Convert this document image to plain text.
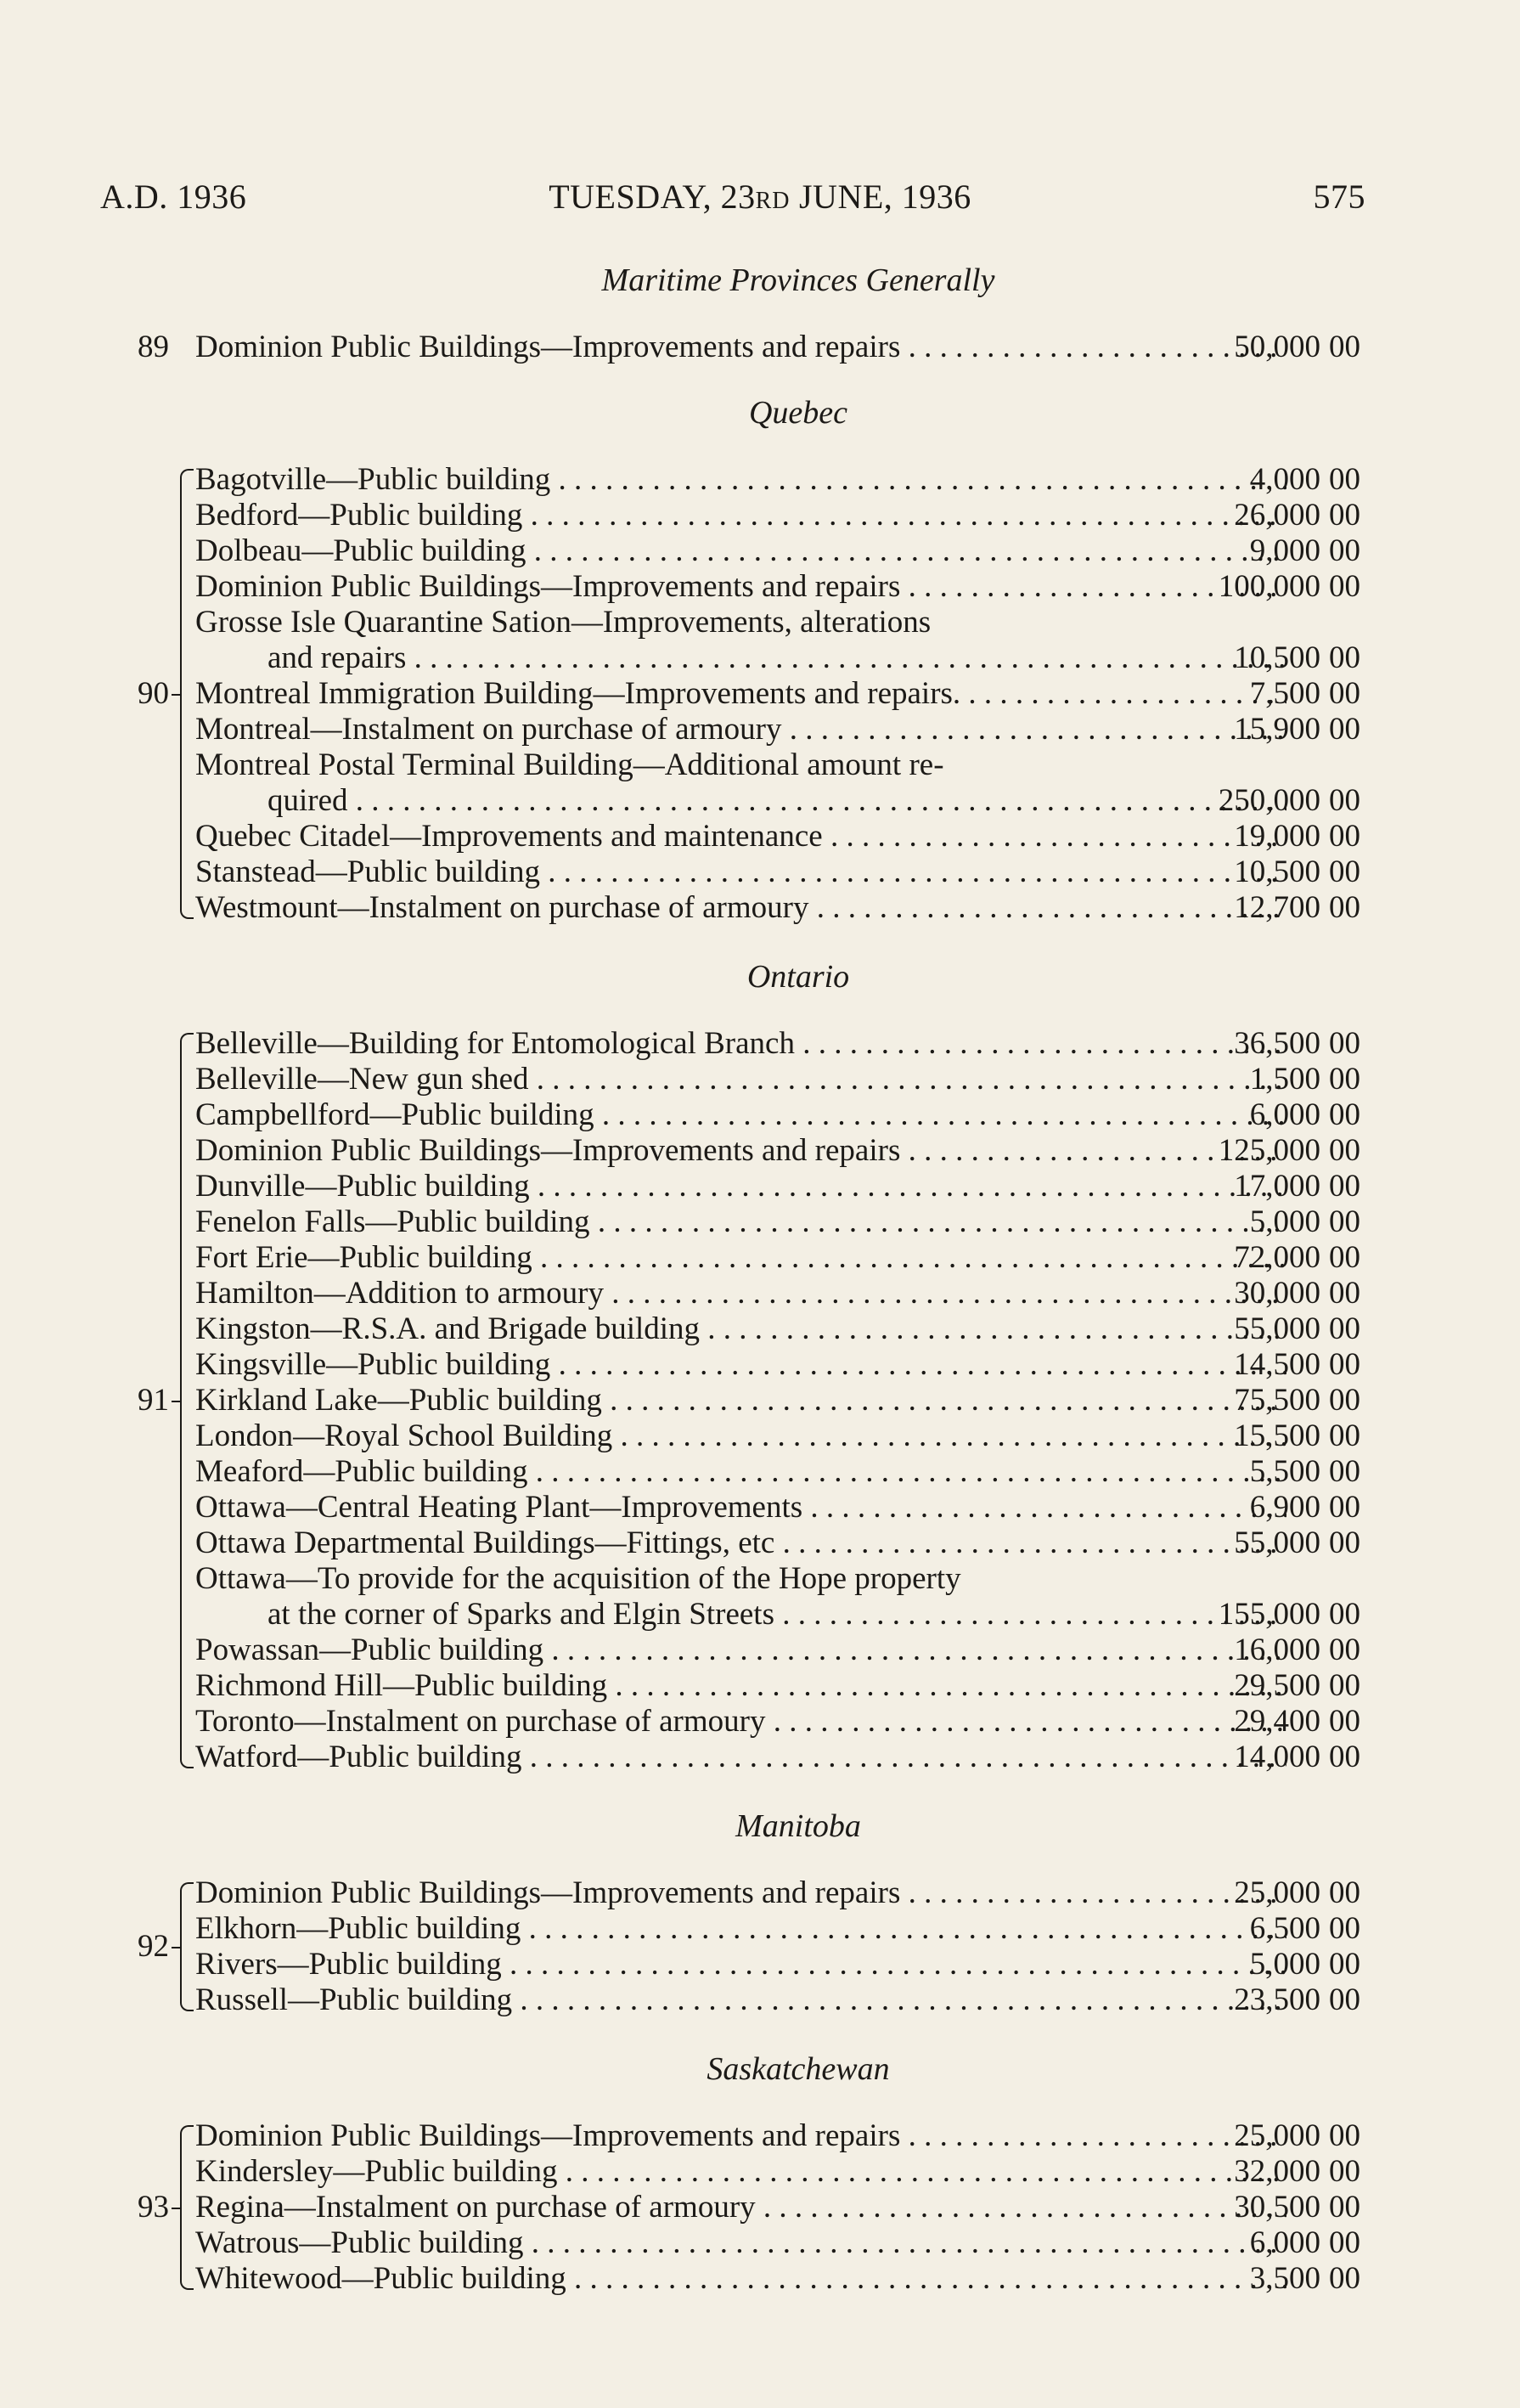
A.D. 1936	TUESDAY, 23RD JUNE, 1936	575
Maritime Provinces Generally
89 Dominion Public Buildings—Improvements and repairs . . .	50,000 00
Quebec
90
Bagotville—Public building . . .	4,000 00
Bedford—Public building . . .	26,000 00
Dolbeau—Public building . . .	9,000 00
Dominion Public Buildings—Improvements and repairs . . .	100,000 00
Grosse Isle Quarantine Sation—Improvements, alterations
and repairs . . .	10,500 00
Montreal Immigration Building—Improvements and repairs. . . .	7,500 00
Montreal—Instalment on purchase of armoury . . .	15,900 00
Montreal Postal Terminal Building—Additional amount re-
quired . . .	250,000 00
Quebec Citadel—Improvements and maintenance . . .	19,000 00
Stanstead—Public building . . .	10,500 00
Westmount—Instalment on purchase of armoury . . .	12,700 00
Ontario
91
Belleville—Building for Entomological Branch . . .	36,500 00
Belleville—New gun shed . . .	1,500 00
Campbellford—Public building . . .	6,000 00
Dominion Public Buildings—Improvements and repairs . . .	125,000 00
Dunville—Public building . . .	17,000 00
Fenelon Falls—Public building . . .	5,000 00
Fort Erie—Public building . . .	72,000 00
Hamilton—Addition to armoury . . .	30,000 00
Kingston—R.S.A. and Brigade building . . .	55,000 00
Kingsville—Public building . . .	14,500 00
Kirkland Lake—Public building . . .	75,500 00
London—Royal School Building . . .	15,500 00
Meaford—Public building . . .	5,500 00
Ottawa—Central Heating Plant—Improvements . . .	6,900 00
Ottawa Departmental Buildings—Fittings, etc . . .	55,000 00
Ottawa—To provide for the acquisition of the Hope property
at the corner of Sparks and Elgin Streets . . .	155,000 00
Powassan—Public building . . .	16,000 00
Richmond Hill—Public building . . .	29,500 00
Toronto—Instalment on purchase of armoury . . .	29,400 00
Watford—Public building . . .	14,000 00
Manitoba
92
Dominion Public Buildings—Improvements and repairs . . .	25,000 00
Elkhorn—Public building . . .	6,500 00
Rivers—Public building . . .	5,000 00
Russell—Public building . . .	23,500 00
Saskatchewan
93
Dominion Public Buildings—Improvements and repairs . . .	25,000 00
Kindersley—Public building . . .	32,000 00
Regina—Instalment on purchase of armoury . . .	30,500 00
Watrous—Public building . . .	6,000 00
Whitewood—Public building . . .	3,500 00
